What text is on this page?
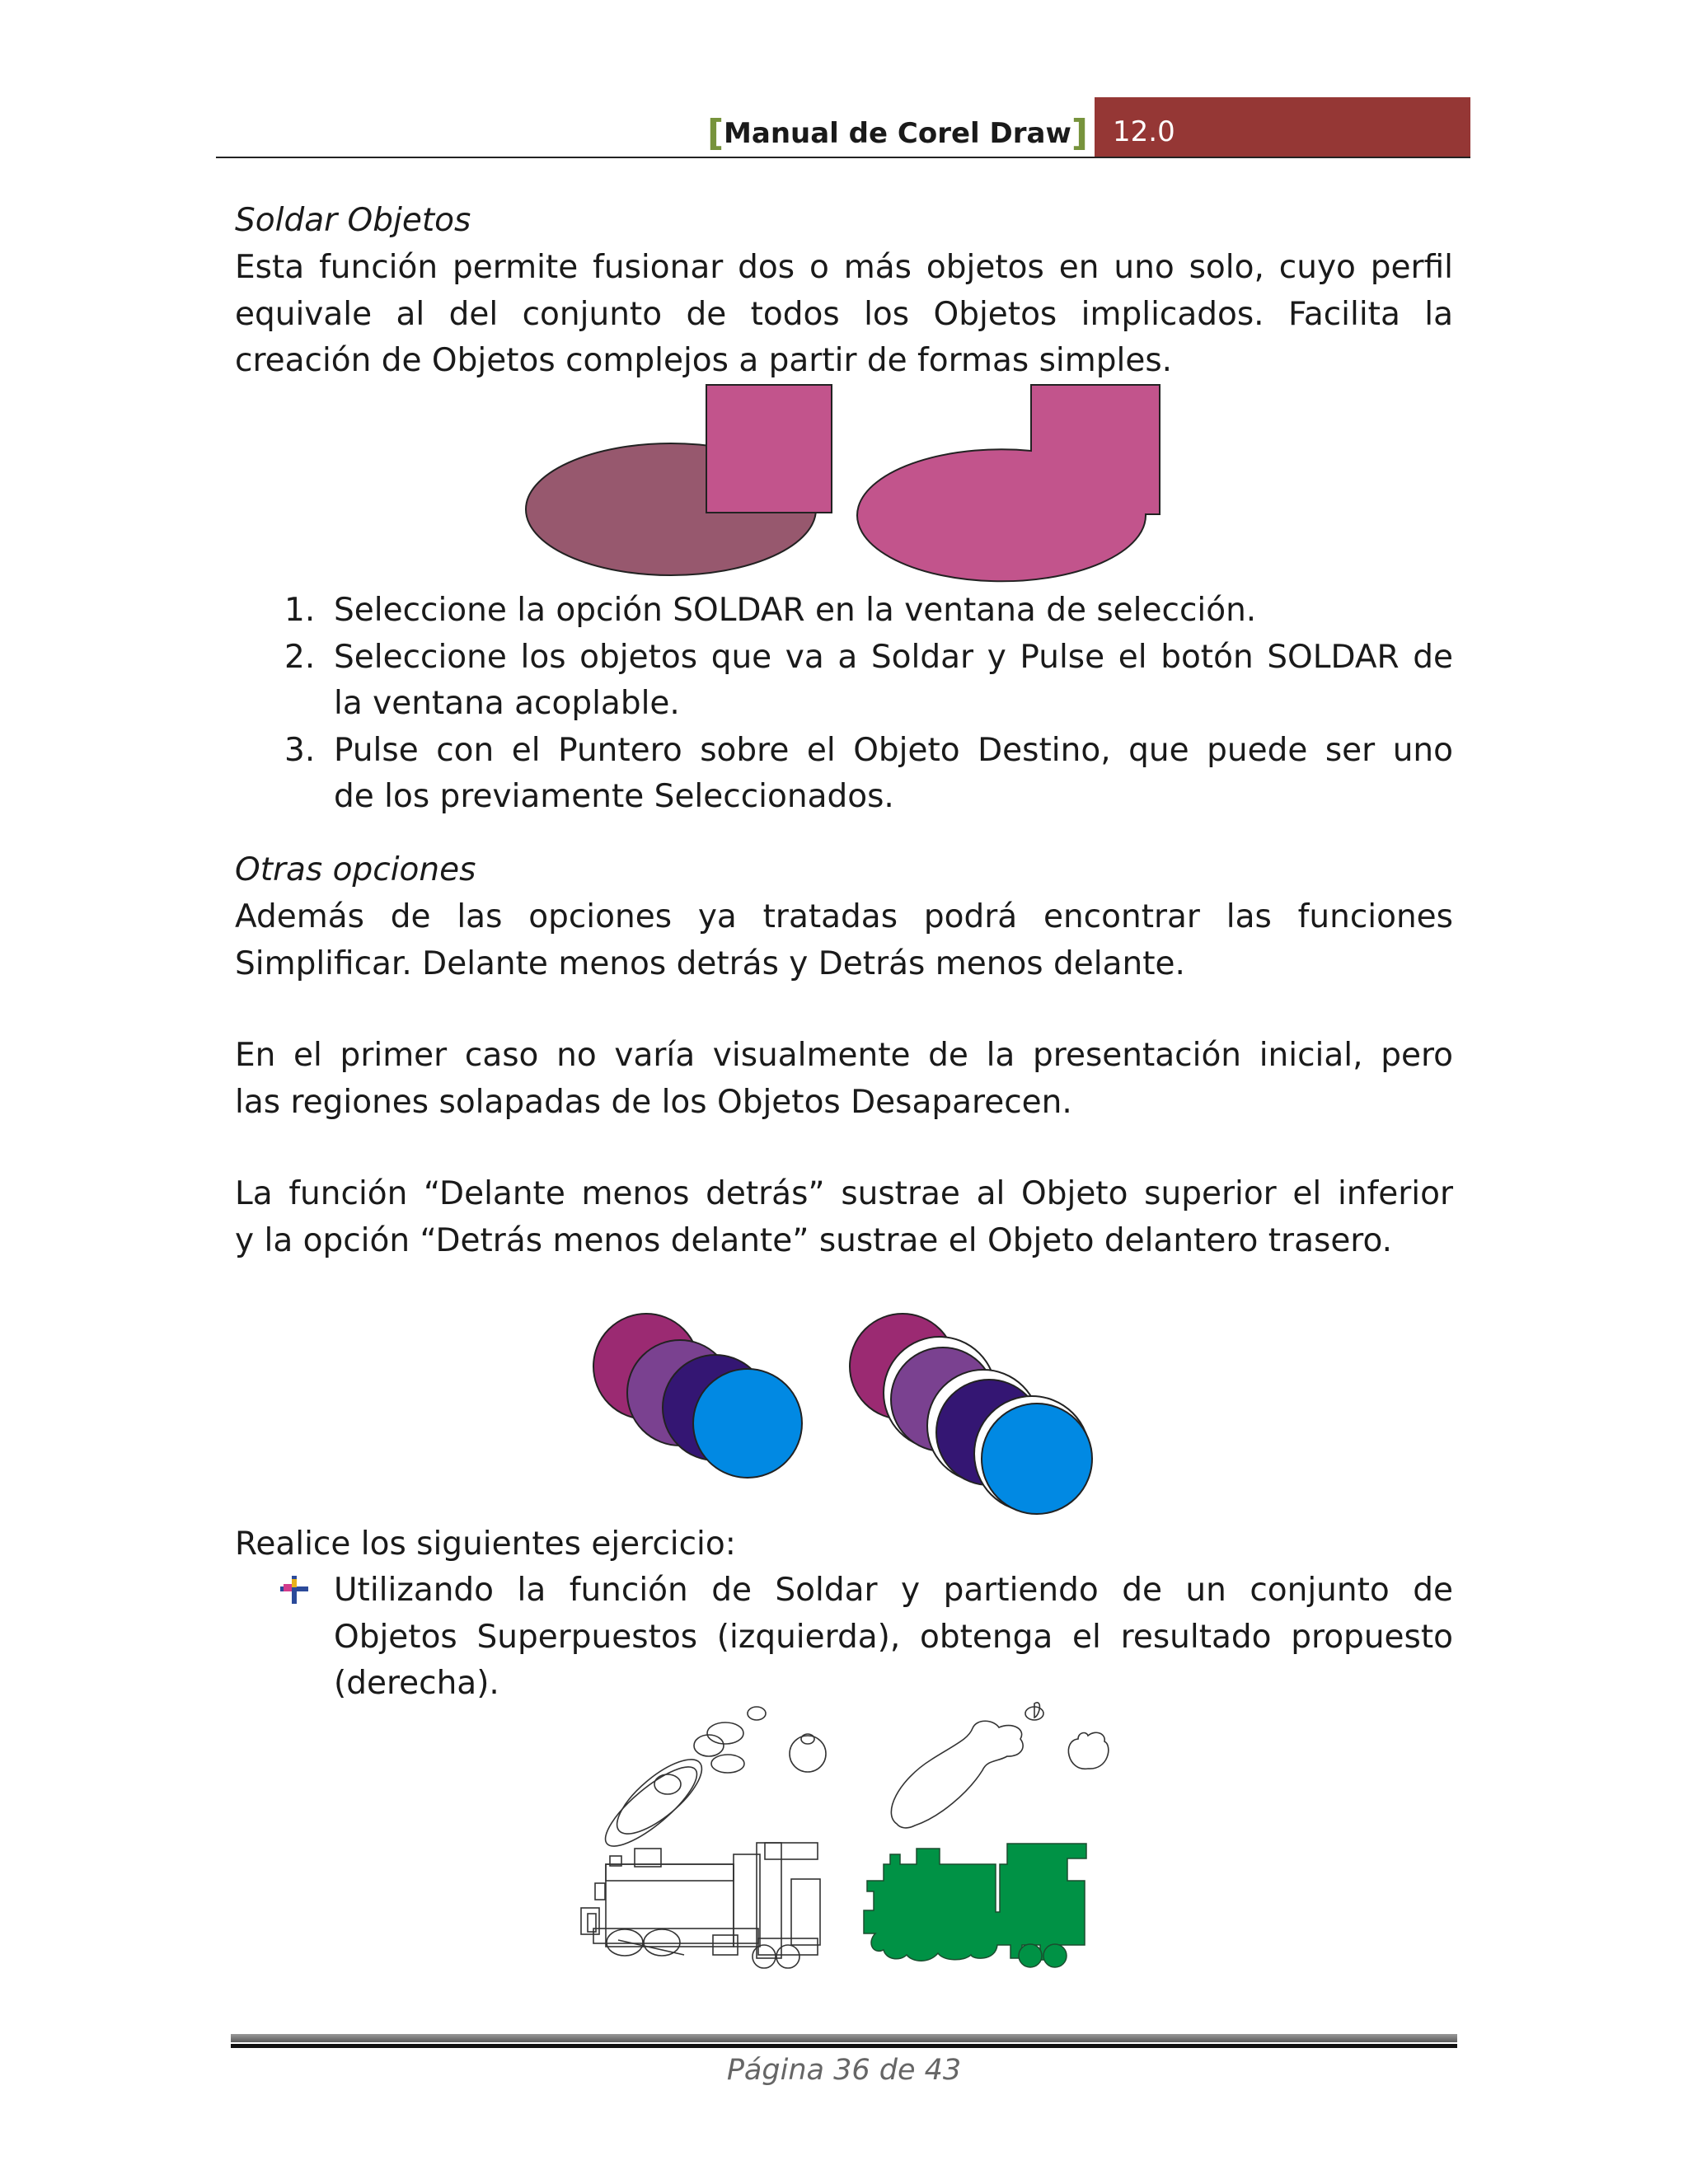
[Manual de Corel Draw] 12.0
Soldar Objetos
Esta función permite fusionar dos o más objetos en uno solo, cuyo perfil
equivale al del conjunto de todos los Objetos implicados. Facilita la
creación de Objetos complejos a partir de formas simples.
1. Seleccione la opción SOLDAR en la ventana de selección.
2. Seleccione los objetos que va a Soldar y Pulse el botón SOLDAR de
la ventana acoplable.
3. Pulse con el Puntero sobre el Objeto Destino, que puede ser uno
de los previamente Seleccionados.
Otras opciones
Además de las opciones ya tratadas podrá encontrar las funciones
Simplificar. Delante menos detrás y Detrás menos delante.
En el primer caso no varía visualmente de la presentación inicial, pero
las regiones solapadas de los Objetos Desaparecen.
La función “Delante menos detrás” sustrae al Objeto superior el inferior
y la opción “Detrás menos delante” sustrae el Objeto delantero trasero.
Realice los siguientes ejercicio:
Utilizando la función de Soldar y partiendo de un conjunto de
Objetos Superpuestos (izquierda), obtenga el resultado propuesto
(derecha).
Página 36 de 43
